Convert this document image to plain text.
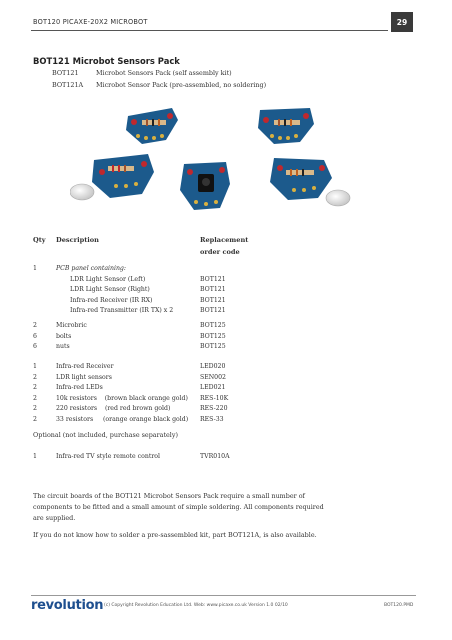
BOT120 PICAXE-20X2 MICROBOT	29
BOT121 Microbot Sensors Pack
BOT121	Microbot Sensors Pack (self assembly kit)
BOT121A	Microbot Sensor Pack (pre-assembled, no soldering)
Qty Description	Replacement
order code
1	PCB panel containing:
LDR Light Sensor (Left)	BOT121
LDR Light Sensor (Right)	BOT121
Infra-red Receiver (IR RX)	BOT121
Infra-red Transmitter (IR TX) x 2	BOT121
2	Microbric	BOT125
6	bolts	BOT125
6	nuts	BOT125
1	Infra-red Receiver	LED020
2	LDR light sensors	SEN002
2	Infra-red LEDs	LED021
2	10k resistors    (brown black orange gold) RES-10K
2	220 resistors    (red red brown gold)	RES-220
2	33 resistors     (orange orange black gold) RES-33
Optional (not included, purchase separately)
1	Infra-red TV style remote control	TVR010A
The circuit boards of the BOT121 Microbot Sensors Pack require a small number of components to be fitted and a small amount of simple soldering. All components required are supplied.
If you do not know how to solder a pre-sassembled kit, part BOT121A, is also available.
revolution (c) Copyright Revolution Education Ltd. Web: www.picaxe.co.uk Version 1.0 02/10	BOT120.PMD
